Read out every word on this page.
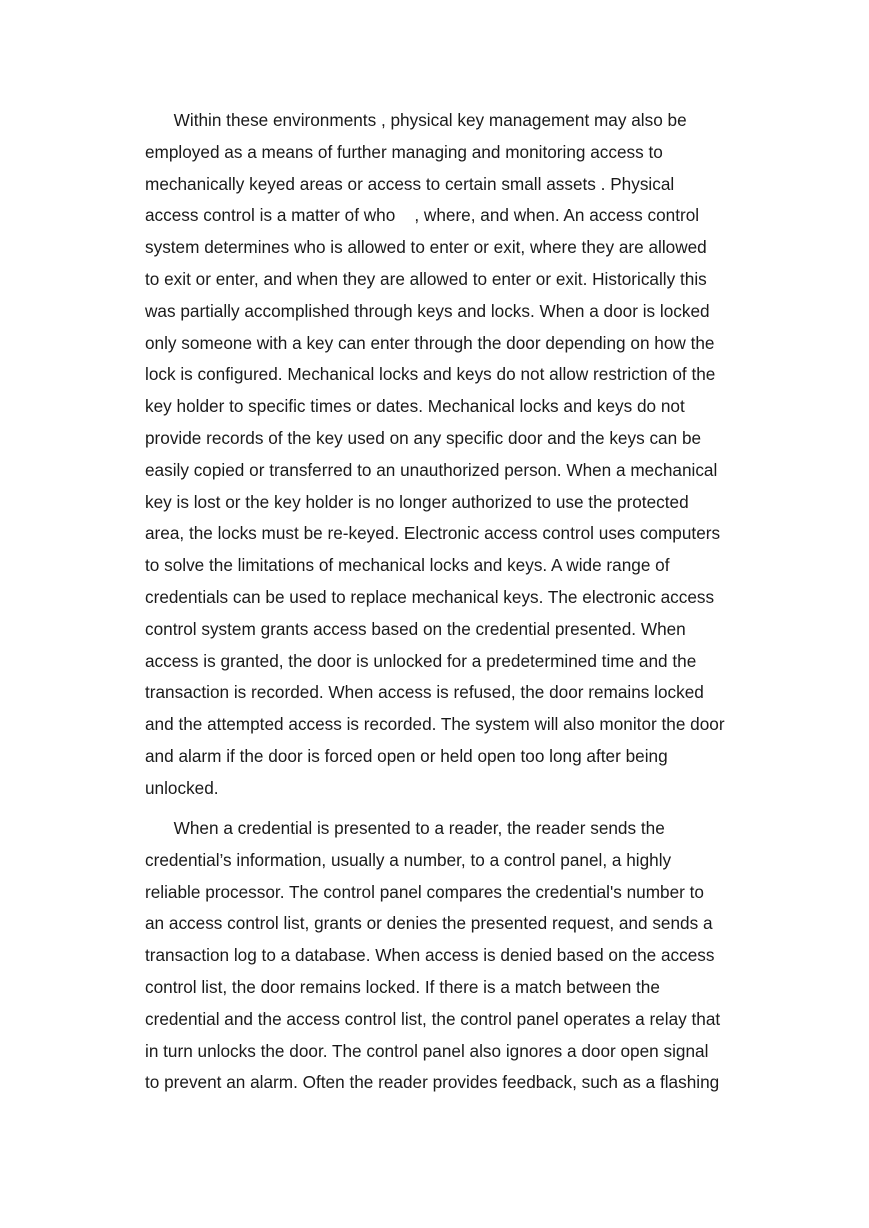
Within these environments , physical key management may also be
employed as a means of further managing and monitoring access to
mechanically keyed areas or access to certain small assets . Physical
access control is a matter of who    , where, and when. An access control
system determines who is allowed to enter or exit, where they are allowed
to exit or enter, and when they are allowed to enter or exit. Historically this
was partially accomplished through keys and locks. When a door is locked
only someone with a key can enter through the door depending on how the
lock is configured. Mechanical locks and keys do not allow restriction of the
key holder to specific times or dates. Mechanical locks and keys do not
provide records of the key used on any specific door and the keys can be
easily copied or transferred to an unauthorized person. When a mechanical
key is lost or the key holder is no longer authorized to use the protected
area, the locks must be re-keyed. Electronic access control uses computers
to solve the limitations of mechanical locks and keys. A wide range of
credentials can be used to replace mechanical keys. The electronic access
control system grants access based on the credential presented. When
access is granted, the door is unlocked for a predetermined time and the
transaction is recorded. When access is refused, the door remains locked
and the attempted access is recorded. The system will also monitor the door
and alarm if the door is forced open or held open too long after being
unlocked.
When a credential is presented to a reader, the reader sends the
credential’s information, usually a number, to a control panel, a highly
reliable processor. The control panel compares the credential's number to
an access control list, grants or denies the presented request, and sends a
transaction log to a database. When access is denied based on the access
control list, the door remains locked. If there is a match between the
credential and the access control list, the control panel operates a relay that
in turn unlocks the door. The control panel also ignores a door open signal
to prevent an alarm. Often the reader provides feedback, such as a flashing
